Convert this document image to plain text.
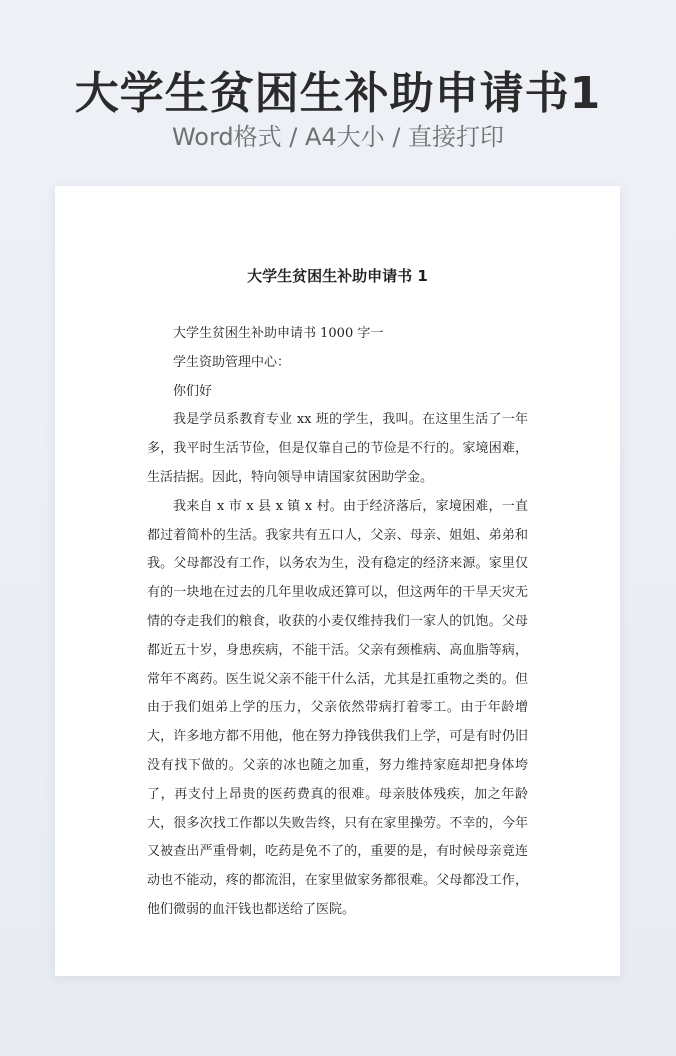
大学生贫困生补助申请书1
Word格式 / A4大小 / 直接打印
大学生贫困生补助申请书 1

大学生贫困生补助申请书 1000 字一

学生资助管理中心：

你们好

我是学员系教育专业 xx 班的学生，我叫。在这里生活了一年多，我平时生活节俭，但是仅靠自己的节俭是不行的。家境困难，生活拮据。因此，特向领导申请国家贫困助学金。

我来自 x 市 x 县 x 镇 x 村。由于经济落后，家境困难，一直都过着简朴的生活。我家共有五口人，父亲、母亲、姐姐、弟弟和我。父母都没有工作，以务农为生，没有稳定的经济来源。家里仅有的一块地在过去的几年里收成还算可以，但这两年的干旱天灾无情的夺走我们的粮食，收获的小麦仅维持我们一家人的饥饱。父母都近五十岁，身患疾病，不能干活。父亲有颈椎病、高血脂等病，常年不离药。医生说父亲不能干什么活，尤其是扛重物之类的。但由于我们姐弟上学的压力，父亲依然带病打着零工。由于年龄增大，许多地方都不用他，他在努力挣钱供我们上学，可是有时仍旧没有找下做的。父亲的冰也随之加重，努力维持家庭却把身体垮了，再支付上昂贵的医药费真的很难。母亲肢体残疾，加之年龄大，很多次找工作都以失败告终，只有在家里操劳。不幸的，今年又被查出严重骨刺，吃药是免不了的，重要的是，有时候母亲竟连动也不能动，疼的都流泪，在家里做家务都很难。父母都没工作，他们微弱的血汗钱也都送给了医院。
